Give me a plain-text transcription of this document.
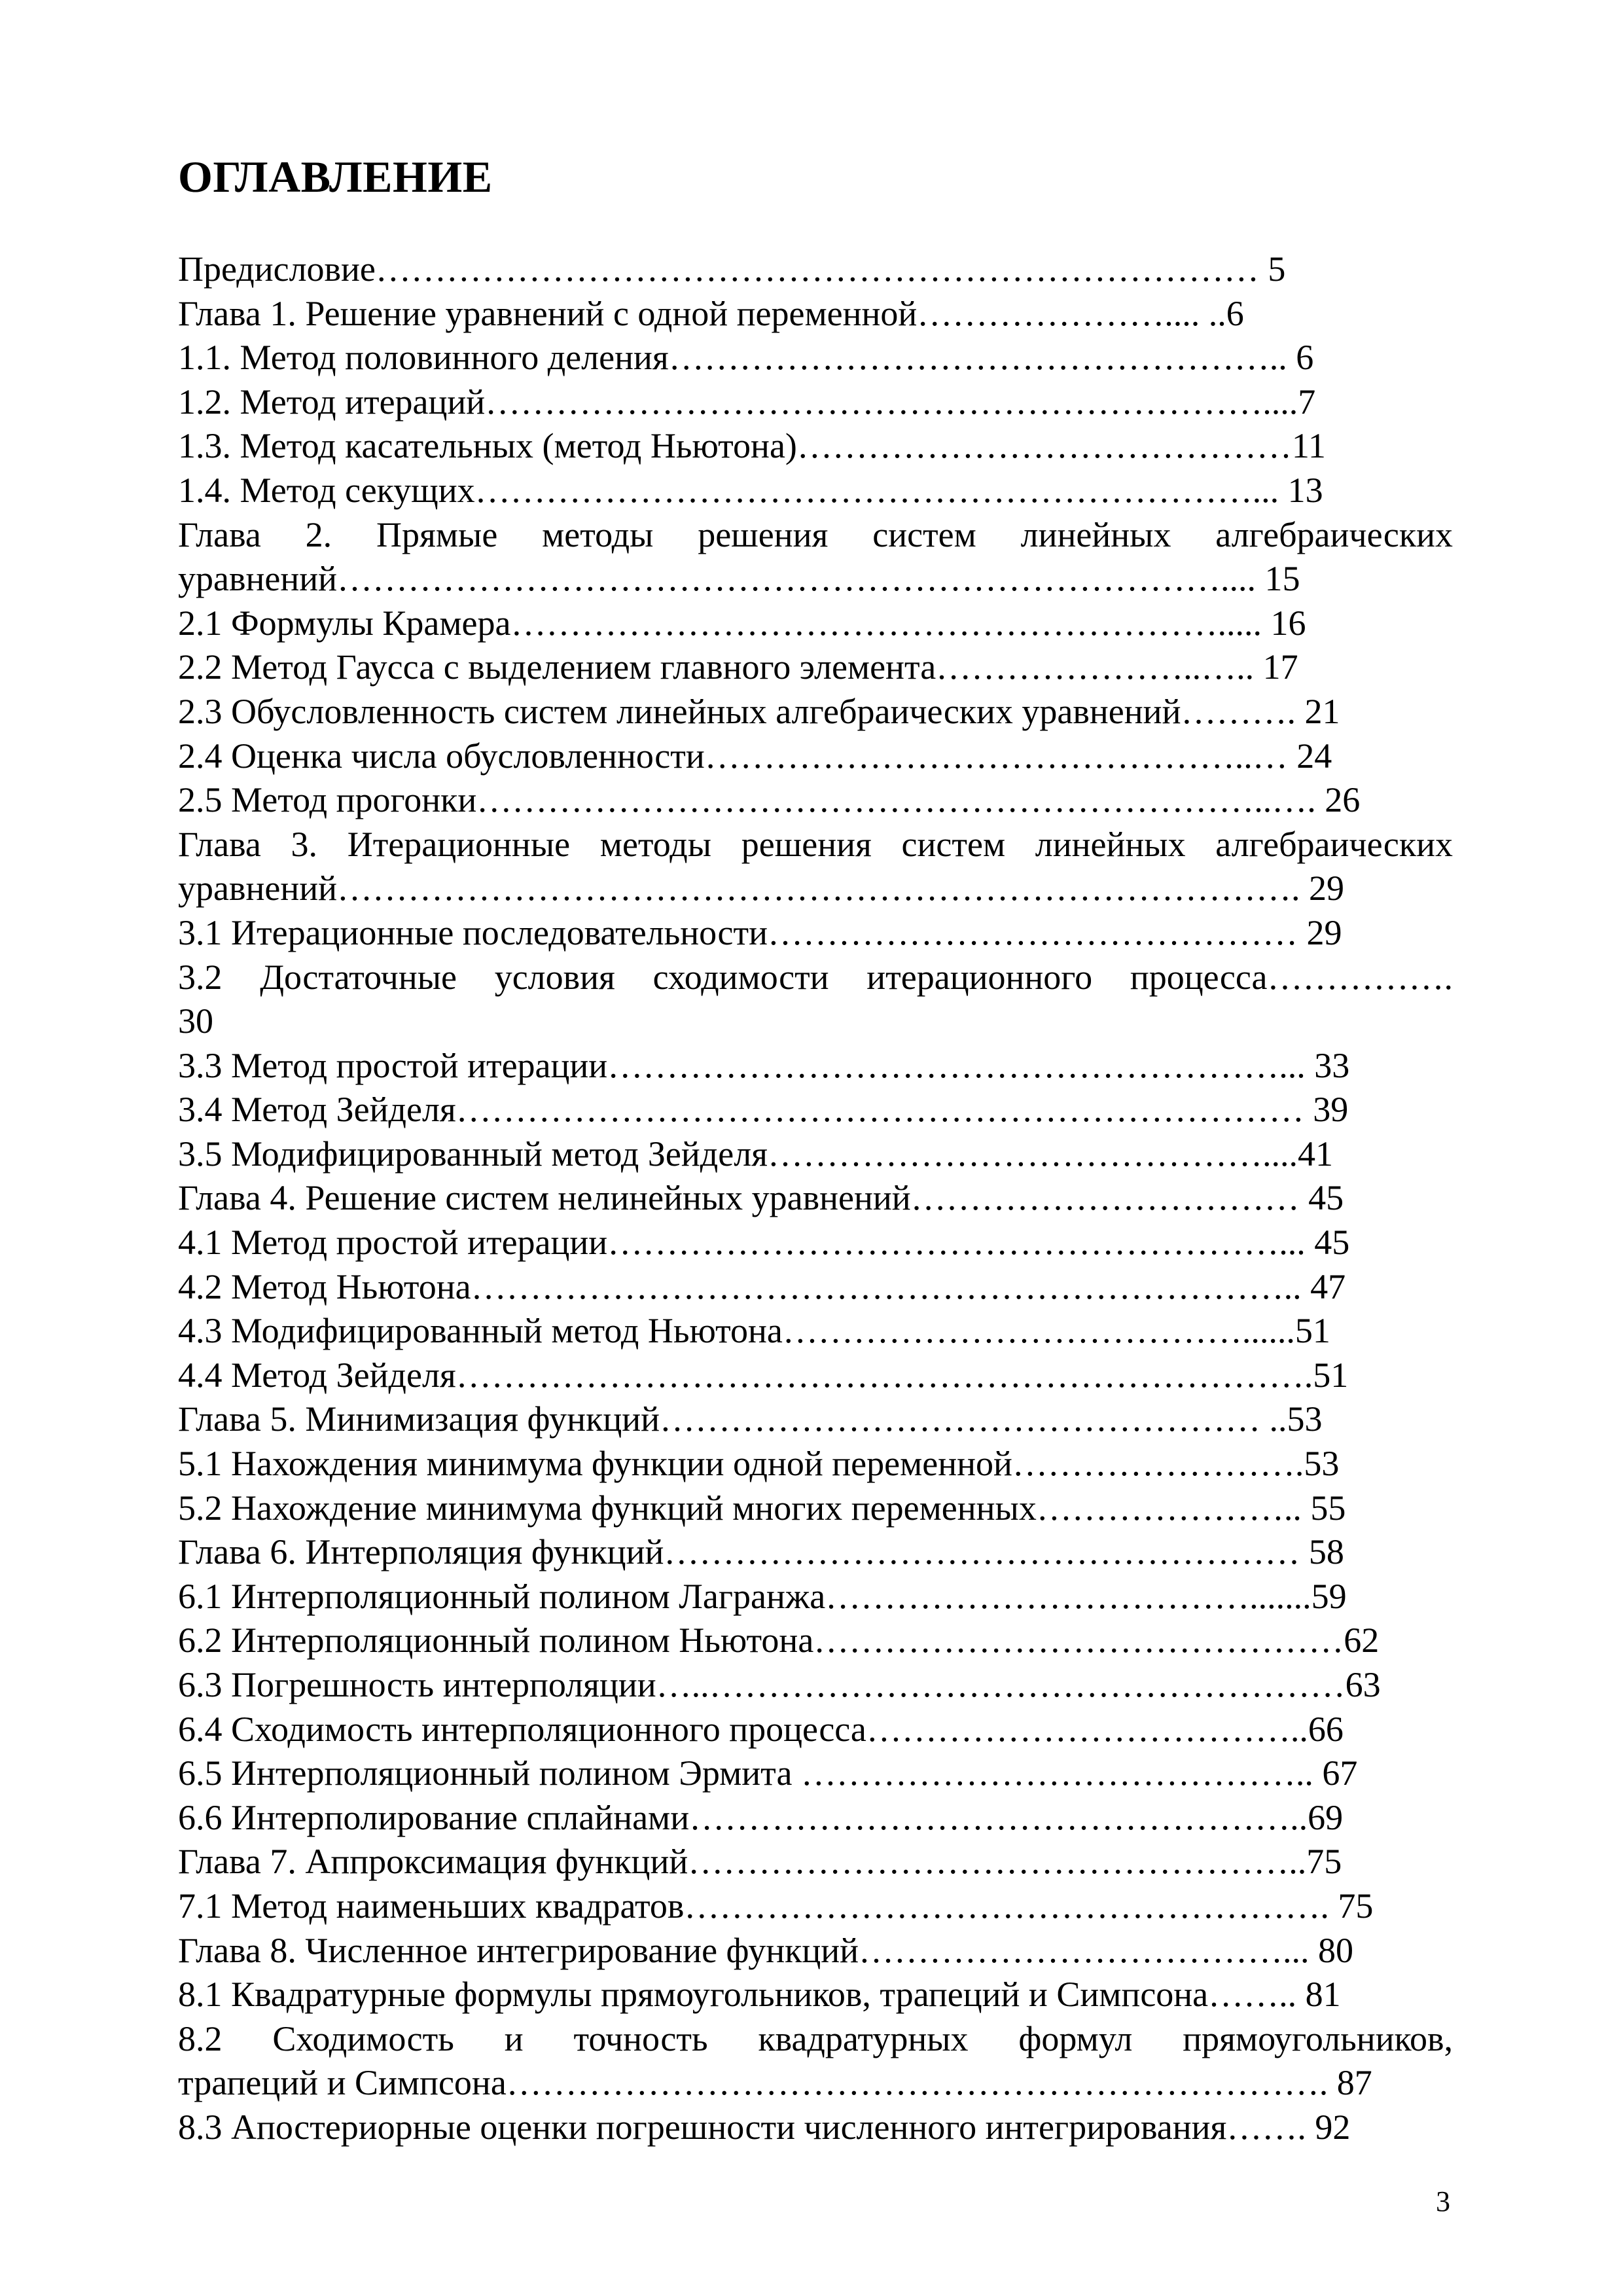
ОГЛАВЛЕНИЕ
Предисловие………………………………………………………………… 5
Глава 1. Решение уравнений с одной переменной………………….... ..6
1.1. Метод половинного деления…………………………………………….. 6
1.2. Метод итераций…………………………………………………………....7
1.3. Метод касательных (метод Ньютона)……………………………………11
1.4. Метод секущих…………………………………………………………... 13
Глава 2. Прямые методы решения систем линейных алгебраических
уравнений………………………………………………………………….... 15
2.1 Формулы Крамера……………………………………………………..... 16
2.2 Метод Гаусса с выделением главного элемента…………………..….. 17
2.3 Обусловленность систем линейных алгебраических уравнений………. 21
2.4 Оценка числа обусловленности………………………………………..… 24
2.5 Метод прогонки…………………………………………………………..…. 26
Глава 3. Итерационные методы решения систем линейных алгебраических
уравнений………………………………………………………………………. 29
3.1 Итерационные последовательности……………………………………… 29
3.2 Достаточные условия сходимости итерационного процесса…………….
30
3.3 Метод простой итерации…………………………………………………... 33
3.4 Метод Зейделя……………………………………………………………… 39
3.5 Модифицированный метод Зейделя……………………………………....41
Глава 4. Решение систем нелинейных уравнений…………………………… 45
4.1 Метод простой итерации…………………………………………………... 45
4.2 Метод Ньютона…………………………………………………………….. 47
4.3 Модифицированный метод Ньютона…………………………………......51
4.4 Метод Зейделя……………………………………………………………….51
Глава 5. Минимизация функций…………………………………………… ..53
5.1 Нахождения минимума функции одной переменной…………………….53
5.2 Нахождение минимума функций многих переменных………………….. 55
Глава 6. Интерполяция функций……………………………………………… 58
6.1 Интерполяционный полином Лагранжа……………………………….......59
6.2 Интерполяционный полином Ньютона………………………………………62
6.3 Погрешность интерполяции…..………………………………………………63
6.4 Сходимость интерполяционного процесса………………………………..66
6.5 Интерполяционный полином Эрмита …………………………………….. 67
6.6 Интерполирование сплайнами……………………………………………..69
Глава 7. Аппроксимация функций……………………………………………..75
7.1 Метод наименьших квадратов………………………………………………. 75
Глава 8. Численное интегрирование функций………………………………... 80
8.1 Квадратурные формулы прямоугольников, трапеций и Симпсона…….. 81
8.2 Сходимость и точность квадратурных формул прямоугольников,
трапеций и Симпсона……………………………………………………………. 87
8.3 Апостериорные оценки погрешности численного интегрирования……. 92
3
